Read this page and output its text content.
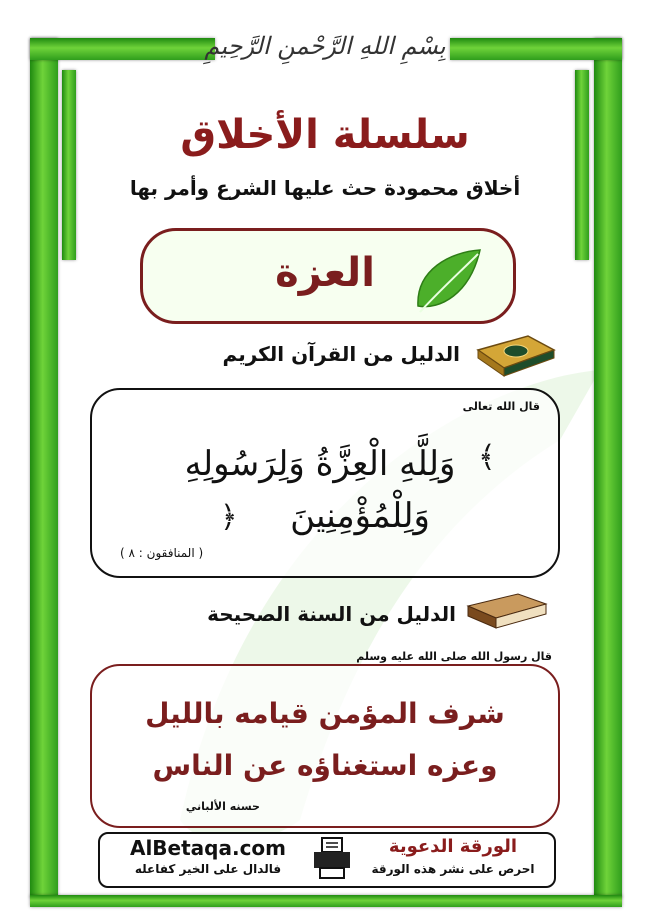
بِسْمِ اللهِ الرَّحْمنِ الرَّحِيمِ
سلسلة الأخلاق
أخلاق محمودة حث عليها الشرع وأمر بها
العزة
الدليل من القرآن الكريم
قال الله تعالى
﴾
﴿
وَلِلَّهِ الْعِزَّةُ وَلِرَسُولِهِ
وَلِلْمُؤْمِنِينَ
( المنافقون : ٨ )
الدليل من السنة الصحيحة
قال رسول الله صلى الله عليه وسلم
شرف المؤمن قيامه بالليل
وعزه استغناؤه عن الناس
حسنه الألباني
AlBetaqa.com
فالدال على الخير كفاعله
الورقة الدعوية
احرص على نشر هذه الورقة
